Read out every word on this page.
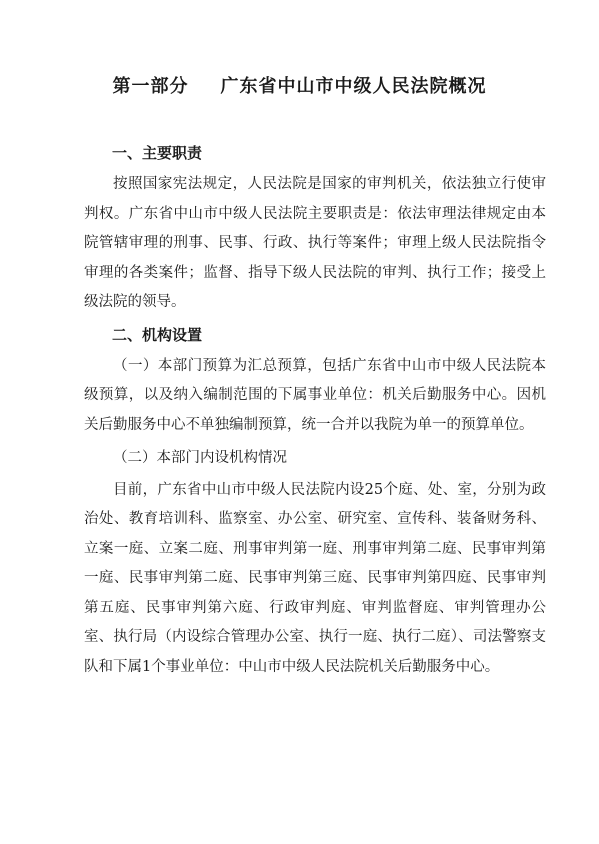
第一部分 广东省中山市中级人民法院概况
一、主要职责

按照国家宪法规定，人民法院是国家的审判机关，依法独立行使审判权。广东省中山市中级人民法院主要职责是：依法审理法律规定由本院管辖审理的刑事、民事、行政、执行等案件；审理上级人民法院指令审理的各类案件；监督、指导下级人民法院的审判、执行工作；接受上级法院的领导。

二、机构设置

（一）本部门预算为汇总预算，包括广东省中山市中级人民法院本级预算，以及纳入编制范围的下属事业单位：机关后勤服务中心。因机关后勤服务中心不单独编制预算，统一合并以我院为单一的预算单位。

（二）本部门内设机构情况

目前，广东省中山市中级人民法院内设25个庭、处、室，分别为政治处、教育培训科、监察室、办公室、研究室、宣传科、装备财务科、立案一庭、立案二庭、刑事审判第一庭、刑事审判第二庭、民事审判第一庭、民事审判第二庭、民事审判第三庭、民事审判第四庭、民事审判第五庭、民事审判第六庭、行政审判庭、审判监督庭、审判管理办公室、执行局（内设综合管理办公室、执行一庭、执行二庭）、司法警察支队和下属1个事业单位：中山市中级人民法院机关后勤服务中心。
